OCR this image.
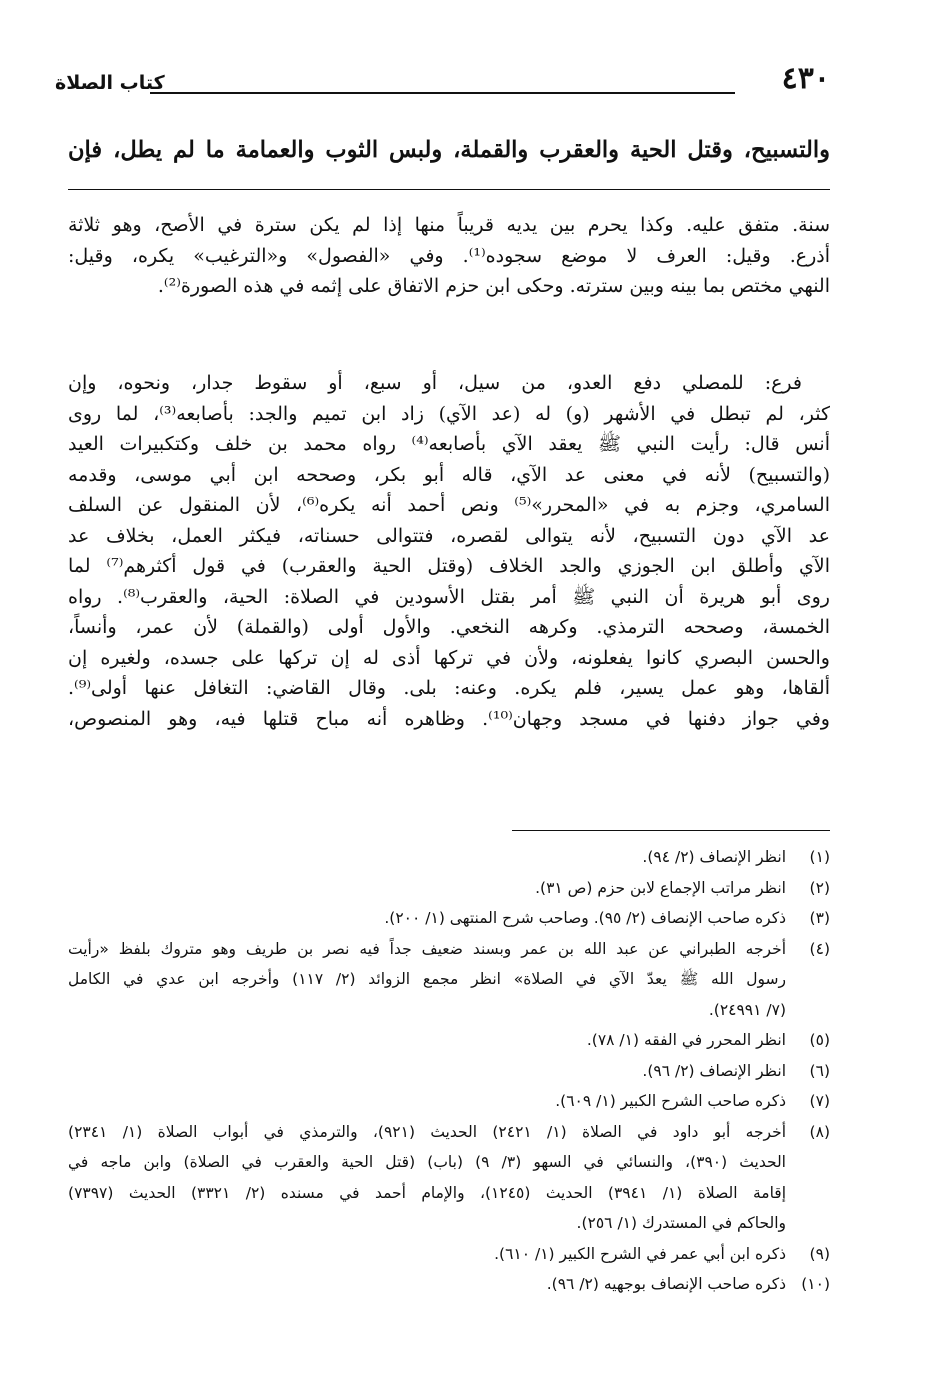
٤٣٠
كتاب الصلاة
والتسبيح، وقتل الحية والعقرب والقملة، ولبس الثوب والعمامة ما لم يطل، فإن
سنة. متفق عليه. وكذا يحرم بين يديه قريباً منها إذا لم يكن سترة في الأصح، وهو ثلاثة
أذرع. وقيل: العرف لا موضع سجوده⁽¹⁾. وفي «الفصول» و«الترغيب» يكره، وقيل:
النهي مختص بما بينه وبين سترته. وحكى ابن حزم الاتفاق على إثمه في هذه الصورة⁽²⁾.
فرع: للمصلي دفع العدو، من سيل، أو سبع، أو سقوط جدار، ونحوه، وإن
كثر، لم تبطل في الأشهر (و) له (عد الآي) زاد ابن تميم والجد: بأصابعه⁽³⁾، لما روى
أنس قال: رأيت النبي ﷺ يعقد الآي بأصابعه⁽⁴⁾ رواه محمد بن خلف وكتكبيرات العيد
(والتسبيح) لأنه في معنى عد الآي، قاله أبو بكر، وصححه ابن أبي موسى، وقدمه
السامري، وجزم به في «المحرر»⁽⁵⁾ ونص أحمد أنه يكره⁽⁶⁾، لأن المنقول عن السلف
عد الآي دون التسبيح، لأنه يتوالى لقصره، فتتوالى حسناته، فيكثر العمل، بخلاف عد
الآي وأطلق ابن الجوزي والجد الخلاف (وقتل الحية والعقرب) في قول أكثرهم⁽⁷⁾ لما
روى أبو هريرة أن النبي ﷺ أمر بقتل الأسودين في الصلاة: الحية، والعقرب⁽⁸⁾. رواه
الخمسة، وصححه الترمذي. وكرهه النخعي. والأول أولى (والقملة) لأن عمر، وأنساً،
والحسن البصري كانوا يفعلونه، ولأن في تركها أذى له إن تركها على جسده، ولغيره إن
ألقاها، وهو عمل يسير، فلم يكره. وعنه: بلى. وقال القاضي: التغافل عنها أولى⁽⁹⁾.
وفي جواز دفنها في مسجد وجهان⁽¹⁰⁾. وظاهره أنه مباح قتلها فيه، وهو المنصوص،
(١)
انظر الإنصاف (٢/ ٩٤).
(٢)
انظر مراتب الإجماع لابن حزم (ص ٣١).
(٣)
ذكره صاحب الإنصاف (٢/ ٩٥). وصاحب شرح المنتهى (١/ ٢٠٠).
(٤)
أخرجه الطبراني عن عبد الله بن عمر وبسند ضعيف جداً فيه نصر بن طريف وهو متروك بلفظ «رأيت
رسول الله ﷺ يعدّ الآي في الصلاة» انظر مجمع الزوائد (٢/ ١١٧) وأخرجه ابن عدي في الكامل
(٧/ ٢٤٩٩١).
(٥)
انظر المحرر في الفقه (١/ ٧٨).
(٦)
انظر الإنصاف (٢/ ٩٦).
(٧)
ذكره صاحب الشرح الكبير (١/ ٦٠٩).
(٨)
أخرجه أبو داود في الصلاة (١/ ٢٤٢١) الحديث (٩٢١)، والترمذي في أبواب الصلاة (١/ ٢٣٤١)
الحديث (٣٩٠)، والنسائي في السهو (٣/ ٩) (باب) (قتل الحية والعقرب في الصلاة) وابن ماجه في
إقامة الصلاة (١/ ٣٩٤١) الحديث (١٢٤٥)، والإمام أحمد في مسنده (٢/ ٣٣٢١) الحديث (٧٣٩٧)
والحاكم في المستدرك (١/ ٢٥٦).
(٩)
ذكره ابن أبي عمر في الشرح الكبير (١/ ٦١٠).
(١٠)
ذكره صاحب الإنصاف بوجهيه (٢/ ٩٦).
